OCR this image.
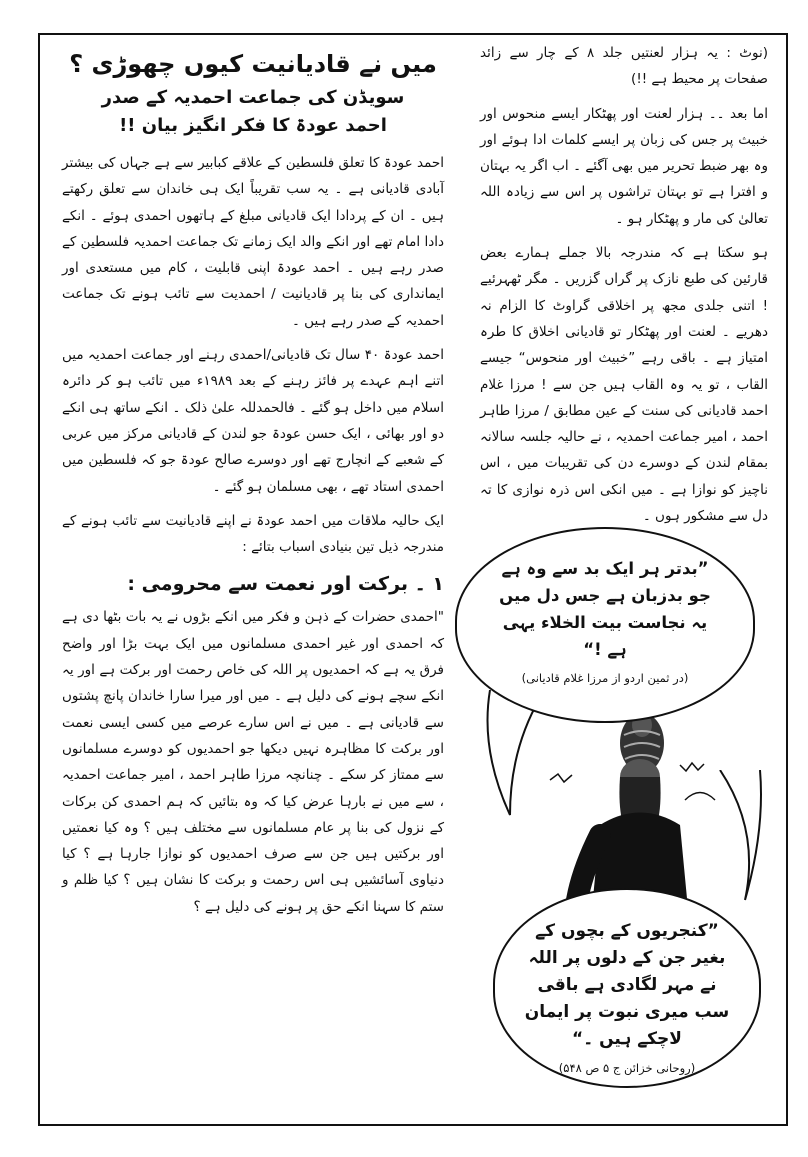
میں نے قادیانیت کیوں چھوڑی ؟
سویڈن کی جماعت احمدیہ کے صدر
احمد عودۃ کا فکر انگیز بیان !!

احمد عودۃ کا تعلق فلسطین کے علاقے کبابیر سے ہے جہاں کی بیشتر آبادی قادیانی ہے ۔ یہ سب تقریباً ایک ہی خاندان سے تعلق رکھتے ہیں ۔ ان کے پردادا ایک قادیانی مبلغ کے ہاتھوں احمدی ہوئے ۔ انکے دادا امام تھے اور انکے والد ایک زمانے تک جماعت احمدیہ فلسطین کے صدر رہے ہیں ۔ احمد عودۃ اپنی قابلیت ، کام میں مستعدی اور ایمانداری کی بنا پر قادیانیت / احمدیت سے تائب ہونے تک جماعت احمدیہ کے صدر رہے ہیں ۔

احمد عودۃ ۴۰ سال تک قادیانی/احمدی رہنے اور جماعت احمدیہ میں اتنے اہم عہدے پر فائز رہنے کے بعد ۱۹۸۹ء میں تائب ہو کر دائرہ اسلام میں داخل ہو گئے ۔ فالحمدللہ علیٰ ذلک ۔ انکے ساتھ ہی انکے دو اور بھائی ، ایک حسن عودۃ جو لندن کے قادیانی مرکز میں عربی کے شعبے کے انچارج تھے اور دوسرے صالح عودۃ جو کہ فلسطین میں احمدی استاد تھے ، بھی مسلمان ہو گئے ۔

ایک حالیہ ملاقات میں احمد عودۃ نے اپنے قادیانیت سے تائب ہونے کے مندرجہ ذیل تین بنیادی اسباب بتائے :

۱ ۔ برکت اور نعمت سے محرومی :

"احمدی حضرات کے ذہن و فکر میں انکے بڑوں نے یہ بات بٹھا دی ہے کہ احمدی اور غیر احمدی مسلمانوں میں ایک بہت بڑا اور واضح فرق یہ ہے کہ احمدیوں پر اللہ کی خاص رحمت اور برکت ہے اور یہ انکے سچے ہونے کی دلیل ہے ۔ میں اور میرا سارا خاندان پانچ پشتوں سے قادیانی ہے ۔ میں نے اس سارے عرصے میں کسی ایسی نعمت اور برکت کا مظاہرہ نہیں دیکھا جو احمدیوں کو دوسرے مسلمانوں سے ممتاز کر سکے ۔ چنانچہ مرزا طاہر احمد ، امیر جماعت احمدیہ ، سے میں نے بارہا عرض کیا کہ وہ بتائیں کہ ہم احمدی کن برکات کے نزول کی بنا پر عام مسلمانوں سے مختلف ہیں ؟ وہ کیا نعمتیں اور برکتیں ہیں جن سے صرف احمدیوں کو نوازا جارہا ہے ؟ کیا دنیاوی آسائشیں ہی اس رحمت و برکت کا نشان ہیں ؟ کیا ظلم و ستم کا سہنا انکے حق پر ہونے کی دلیل ہے ؟

(نوٹ : یہ ہزار لعنتیں جلد ۸ کے چار سے زائد صفحات پر محیط ہے !!)

اما بعد ۔۔ ہزار لعنت اور پھٹکار ایسے منحوس اور خبیث پر جس کی زبان پر ایسے کلمات ادا ہوئے اور وہ بھر ضبط تحریر میں بھی آگئے ۔ اب اگر یہ بہتان و افترا ہے تو بہتان تراشوں پر اس سے زیادہ اللہ تعالیٰ کی مار و پھٹکار ہو ۔

ہو سکتا ہے کہ مندرجہ بالا جملے ہمارے بعض قارئین کی طبع نازک پر گراں گزریں ۔ مگر ٹھہرئیے ! اتنی جلدی مجھ پر اخلاقی گراوٹ کا الزام نہ دھریے ۔ لعنت اور پھٹکار تو قادیانی اخلاق کا طرہ امتیاز ہے ۔ باقی رہے ”خبیث اور منحوس“ جیسے القاب ، تو یہ وہ القاب ہیں جن سے ! مرزا غلام احمد قادیانی کی سنت کے عین مطابق / مرزا طاہر احمد ، امیر جماعت احمدیہ ، نے حالیہ جلسہ سالانہ بمقام لندن کے دوسرے دن کی تقریبات میں ، اس ناچیز کو نوازا ہے ۔ میں انکی اس ذرہ نوازی کا تہ دل سے مشکور ہوں ۔

”بدتر ہر ایک بد سے وہ ہے جو بدزبان ہے جس دل میں یہ نجاست بیت الخلاء یہی ہے !“
(در ثمین اردو از مرزا غلام قادیانی)
”کنجریوں کے بچوں کے بغیر جن کے دلوں پر اللہ نے مہر لگادی ہے باقی سب میری نبوت پر ایمان لاچکے ہیں ۔“
(روحانی خزائن ج ۵ ص ۵۴۸)
